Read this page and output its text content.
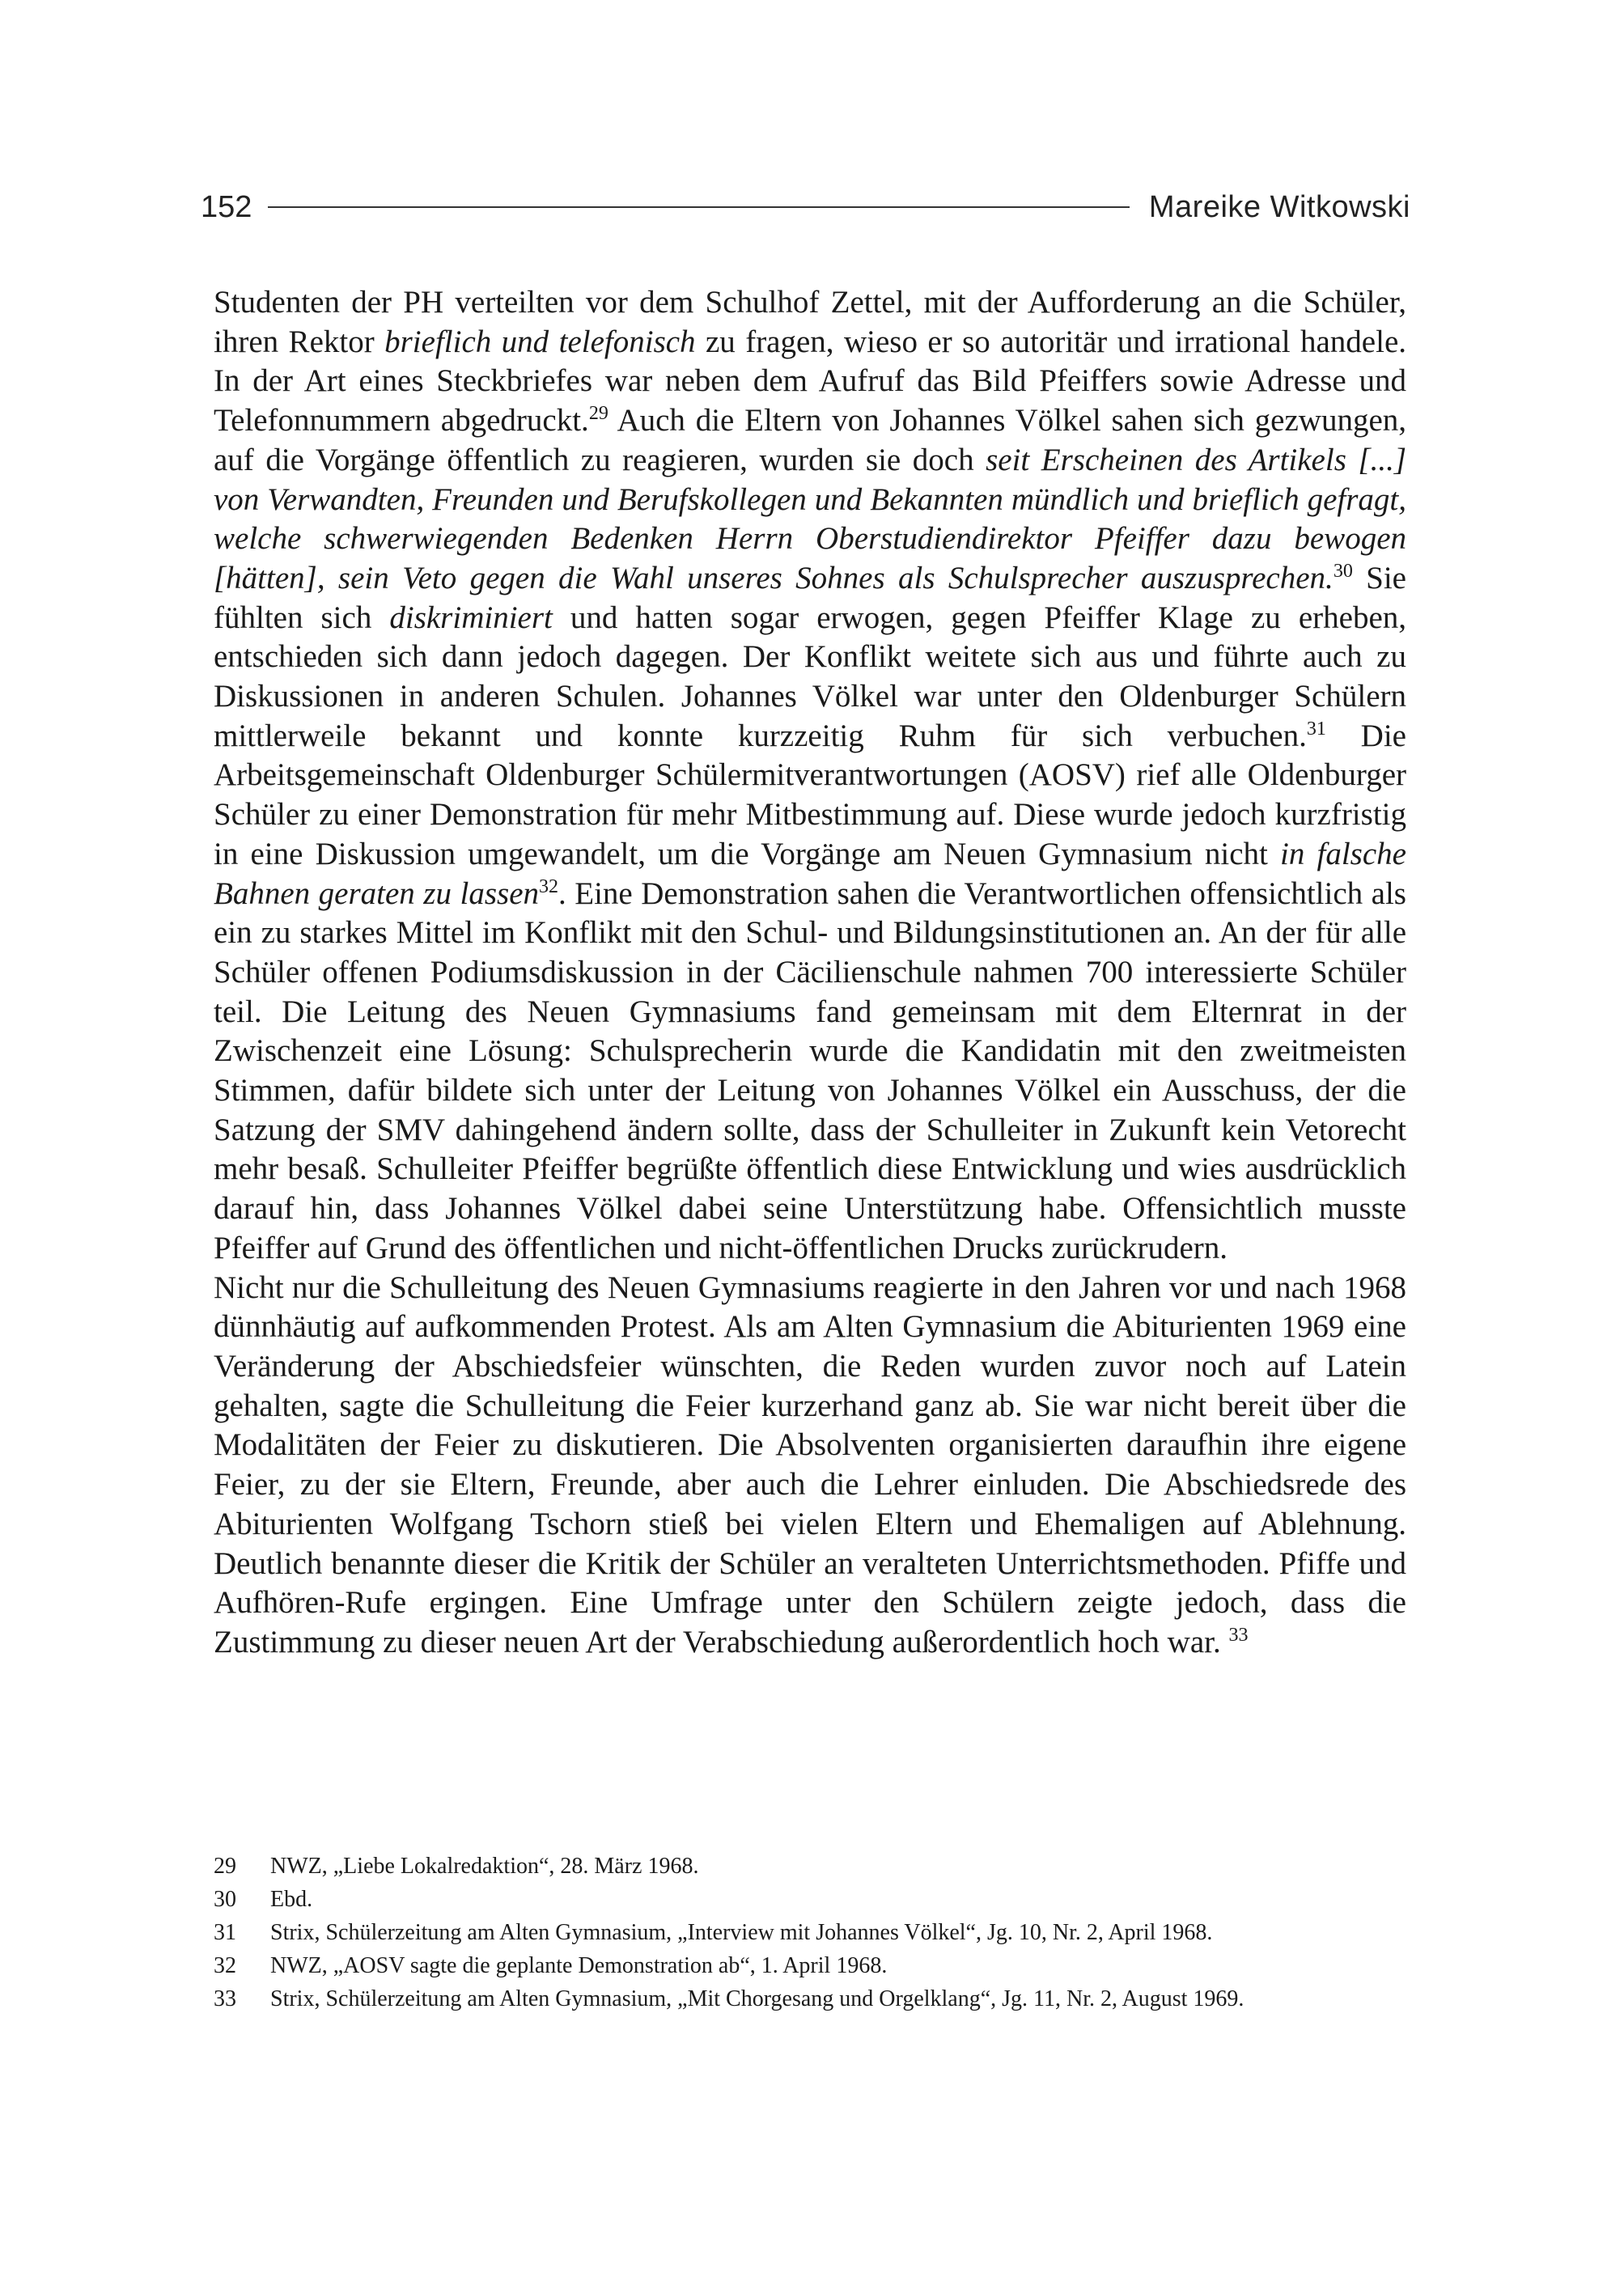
152	Mareike Witkowski

Studenten der PH verteilten vor dem Schulhof Zettel, mit der Aufforderung an die Schüler, ihren Rektor brieflich und telefonisch zu fragen, wieso er so autoritär und irrational handele. In der Art eines Steckbriefes war neben dem Aufruf das Bild Pfeiffers sowie Adresse und Telefonnummern abgedruckt.$^{29}$ Auch die Eltern von Johannes Völkel sahen sich gezwungen, auf die Vorgänge öffentlich zu reagieren, wurden sie doch seit Erscheinen des Artikels [...] von Verwandten, Freunden und Berufskollegen und Bekannten mündlich und brieflich gefragt, welche schwerwiegenden Bedenken Herrn Oberstudiendirektor Pfeiffer dazu bewogen [hätten], sein Veto gegen die Wahl unseres Sohnes als Schulsprecher auszusprechen.$^{30}$ Sie fühlten sich diskriminiert und hatten sogar erwogen, gegen Pfeiffer Klage zu erheben, entschieden sich dann jedoch dagegen. Der Konflikt weitete sich aus und führte auch zu Diskussionen in anderen Schulen. Johannes Völkel war unter den Oldenburger Schülern mittlerweile bekannt und konnte kurzzeitig Ruhm für sich verbuchen.$^{31}$ Die Arbeitsgemeinschaft Oldenburger Schülermitverantwortungen (AOSV) rief alle Oldenburger Schüler zu einer Demonstration für mehr Mitbestimmung auf. Diese wurde jedoch kurzfristig in eine Diskussion umgewandelt, um die Vorgänge am Neuen Gymnasium nicht in falsche Bahnen geraten zu lassen$^{32}$. Eine Demonstration sahen die Verantwortlichen offensichtlich als ein zu starkes Mittel im Konflikt mit den Schul- und Bildungsinstitutionen an. An der für alle Schüler offenen Podiumsdiskussion in der Cäcilienschule nahmen 700 interessierte Schüler teil. Die Leitung des Neuen Gymnasiums fand gemeinsam mit dem Elternrat in der Zwischenzeit eine Lösung: Schulsprecherin wurde die Kandidatin mit den zweitmeisten Stimmen, dafür bildete sich unter der Leitung von Johannes Völkel ein Ausschuss, der die Satzung der SMV dahingehend ändern sollte, dass der Schulleiter in Zukunft kein Vetorecht mehr besaß. Schulleiter Pfeiffer begrüßte öffentlich diese Entwicklung und wies ausdrücklich darauf hin, dass Johannes Völkel dabei seine Unterstützung habe. Offensichtlich musste Pfeiffer auf Grund des öffentlichen und nicht-öffentlichen Drucks zurückrudern.

Nicht nur die Schulleitung des Neuen Gymnasiums reagierte in den Jahren vor und nach 1968 dünnhäutig auf aufkommenden Protest. Als am Alten Gymnasium die Abiturienten 1969 eine Veränderung der Abschiedsfeier wünschten, die Reden wurden zuvor noch auf Latein gehalten, sagte die Schulleitung die Feier kurzerhand ganz ab. Sie war nicht bereit über die Modalitäten der Feier zu diskutieren. Die Absolventen organisierten daraufhin ihre eigene Feier, zu der sie Eltern, Freunde, aber auch die Lehrer einluden. Die Abschiedsrede des Abiturienten Wolfgang Tschorn stieß bei vielen Eltern und Ehemaligen auf Ablehnung. Deutlich benannte dieser die Kritik der Schüler an veralteten Unterrichtsmethoden. Pfiffe und Aufhören-Rufe ergingen. Eine Umfrage unter den Schülern zeigte jedoch, dass die Zustimmung zu dieser neuen Art der Verabschiedung außerordentlich hoch war. $^{33}$

29	NWZ, „Liebe Lokalredaktion“, 28. März 1968.
30	Ebd.
31	Strix, Schülerzeitung am Alten Gymnasium, „Interview mit Johannes Völkel“, Jg. 10, Nr. 2, April 1968.
32	NWZ, „AOSV sagte die geplante Demonstration ab“, 1. April 1968.
33	Strix, Schülerzeitung am Alten Gymnasium, „Mit Chorgesang und Orgelklang“, Jg. 11, Nr. 2, August 1969.
